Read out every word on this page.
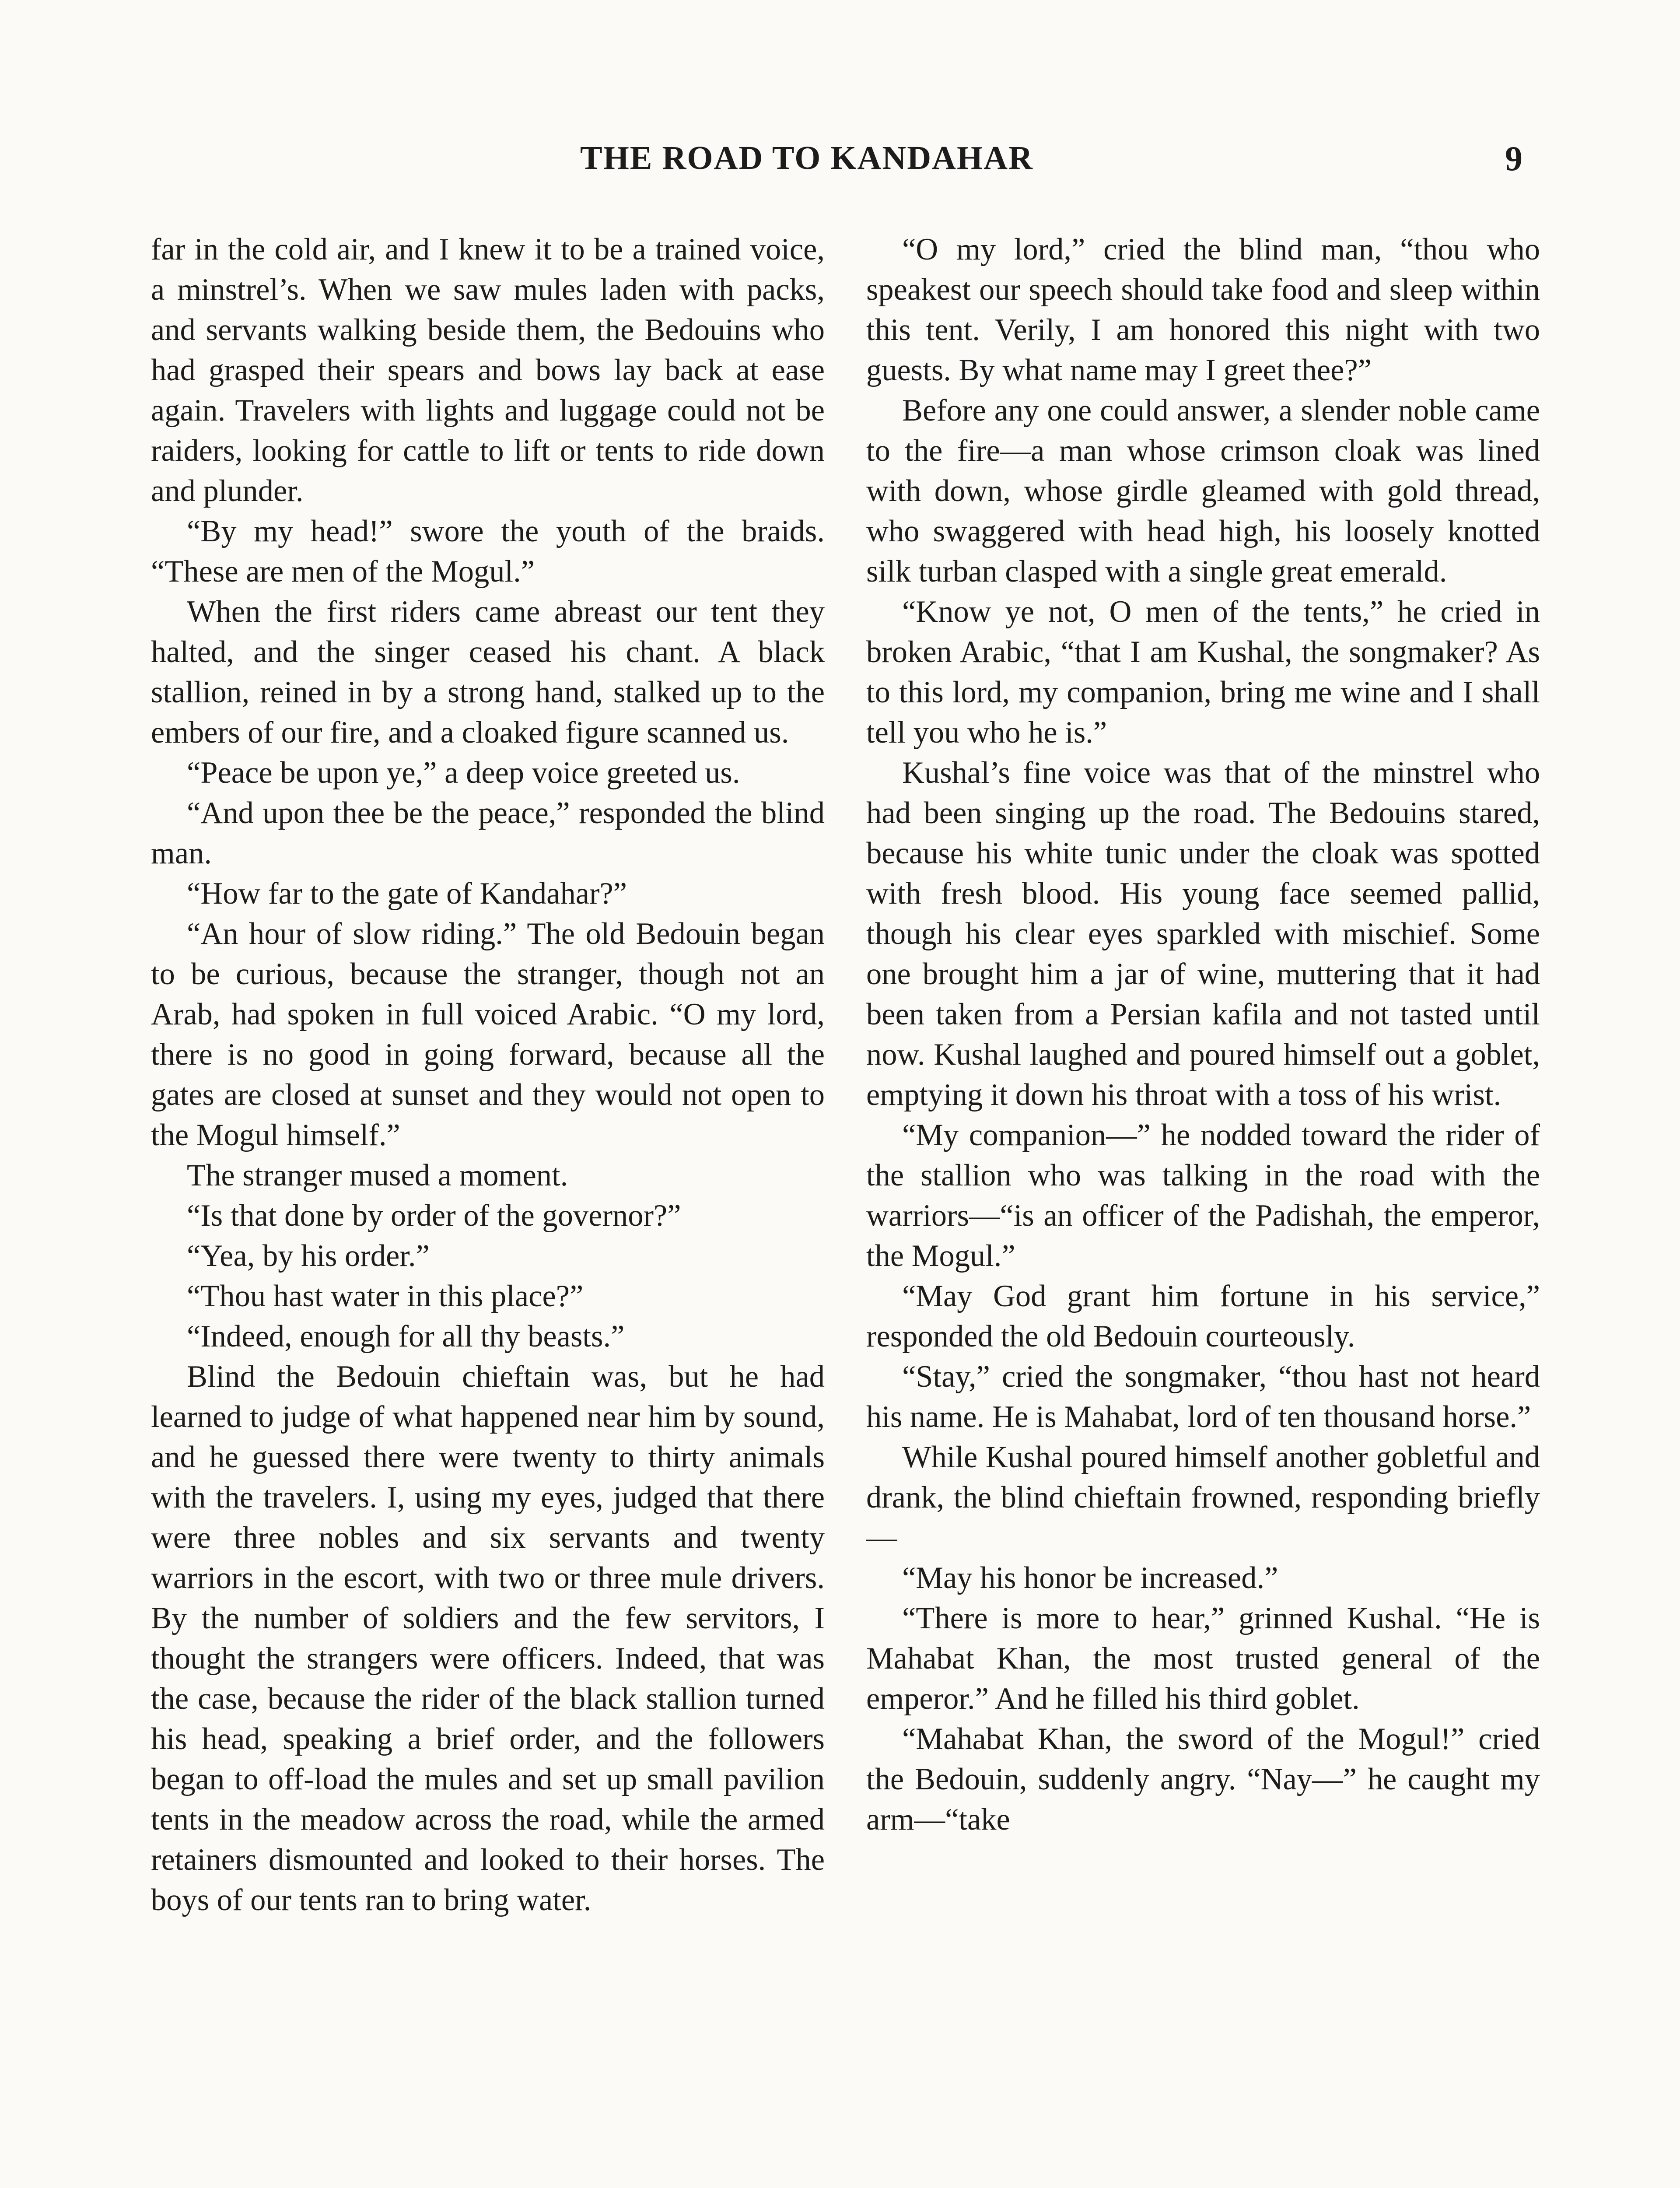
THE ROAD TO KANDAHAR	9

far in the cold air, and I knew it to be a trained voice, a minstrel’s. When we saw mules laden with packs, and servants walking beside them, the Bedouins who had grasped their spears and bows lay back at ease again. Travelers with lights and luggage could not be raiders, looking for cattle to lift or tents to ride down and plunder.

“By my head!” swore the youth of the braids. “These are men of the Mogul.”

When the first riders came abreast our tent they halted, and the singer ceased his chant. A black stallion, reined in by a strong hand, stalked up to the embers of our fire, and a cloaked figure scanned us.

“Peace be upon ye,” a deep voice greeted us.

“And upon thee be the peace,” responded the blind man.

“How far to the gate of Kandahar?”

“An hour of slow riding.” The old Bedouin began to be curious, because the stranger, though not an Arab, had spoken in full voiced Arabic. “O my lord, there is no good in going forward, because all the gates are closed at sunset and they would not open to the Mogul himself.”

The stranger mused a moment.

“Is that done by order of the governor?”

“Yea, by his order.”

“Thou hast water in this place?”

“Indeed, enough for all thy beasts.”

Blind the Bedouin chieftain was, but he had learned to judge of what happened near him by sound, and he guessed there were twenty to thirty animals with the travelers. I, using my eyes, judged that there were three nobles and six servants and twenty warriors in the escort, with two or three mule drivers. By the number of soldiers and the few servitors, I thought the strangers were officers. Indeed, that was the case, because the rider of the black stallion turned his head, speaking a brief order, and the followers began to off-load the mules and set up small pavilion tents in the meadow across the road, while the armed retainers dismounted and looked to their horses. The boys of our tents ran to bring water.

“O my lord,” cried the blind man, “thou who speakest our speech should take food and sleep within this tent. Verily, I am honored this night with two guests. By what name may I greet thee?”

Before any one could answer, a slender noble came to the fire—a man whose crimson cloak was lined with down, whose girdle gleamed with gold thread, who swaggered with head high, his loosely knotted silk turban clasped with a single great emerald.

“Know ye not, O men of the tents,” he cried in broken Arabic, “that I am Kushal, the songmaker? As to this lord, my companion, bring me wine and I shall tell you who he is.”

Kushal’s fine voice was that of the minstrel who had been singing up the road. The Bedouins stared, because his white tunic under the cloak was spotted with fresh blood. His young face seemed pallid, though his clear eyes sparkled with mischief. Some one brought him a jar of wine, muttering that it had been taken from a Persian kafila and not tasted until now. Kushal laughed and poured himself out a goblet, emptying it down his throat with a toss of his wrist.

“My companion—” he nodded toward the rider of the stallion who was talking in the road with the warriors—“is an officer of the Padishah, the emperor, the Mogul.”

“May God grant him fortune in his service,” responded the old Bedouin courteously.

“Stay,” cried the songmaker, “thou hast not heard his name. He is Mahabat, lord of ten thousand horse.”

While Kushal poured himself another gobletful and drank, the blind chieftain frowned, responding briefly—

“May his honor be increased.”

“There is more to hear,” grinned Kushal. “He is Mahabat Khan, the most trusted general of the emperor.” And he filled his third goblet.

“Mahabat Khan, the sword of the Mogul!” cried the Bedouin, suddenly angry. “Nay—” he caught my arm—“take
